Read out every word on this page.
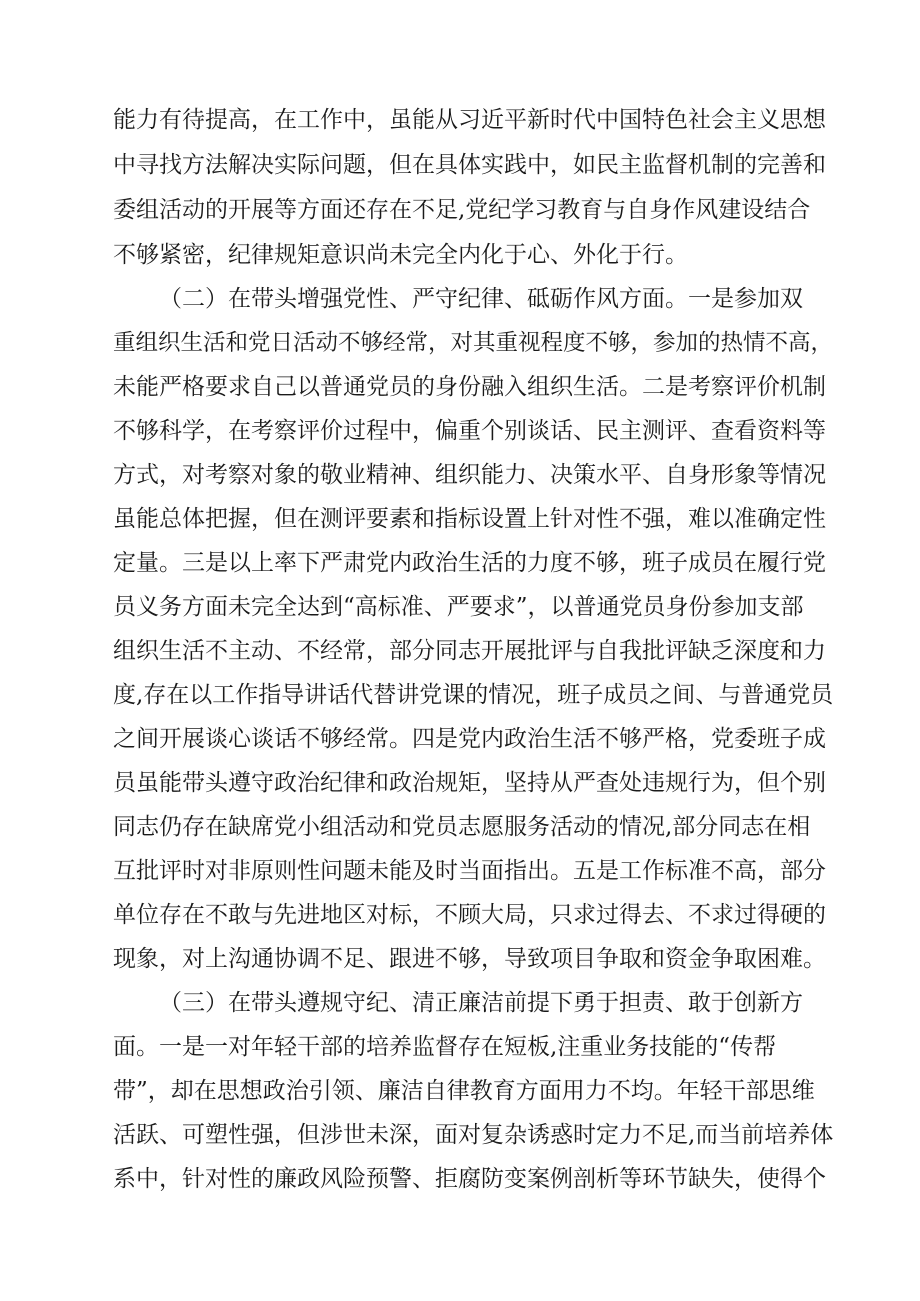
能力有待提高，在工作中，虽能从习近平新时代中国特色社会主义思想
中寻找方法解决实际问题，但在具体实践中，如民主监督机制的完善和
委组活动的开展等方面还存在不足,党纪学习教育与自身作风建设结合
不够紧密，纪律规矩意识尚未完全内化于心、外化于行。
（二）在带头增强党性、严守纪律、砥砺作风方面。一是参加双
重组织生活和党日活动不够经常，对其重视程度不够，参加的热情不高，
未能严格要求自己以普通党员的身份融入组织生活。二是考察评价机制
不够科学，在考察评价过程中，偏重个别谈话、民主测评、查看资料等
方式，对考察对象的敬业精神、组织能力、决策水平、自身形象等情况
虽能总体把握，但在测评要素和指标设置上针对性不强，难以准确定性
定量。三是以上率下严肃党内政治生活的力度不够，班子成员在履行党
员义务方面未完全达到“高标准、严要求”，以普通党员身份参加支部
组织生活不主动、不经常，部分同志开展批评与自我批评缺乏深度和力
度,存在以工作指导讲话代替讲党课的情况，班子成员之间、与普通党员
之间开展谈心谈话不够经常。四是党内政治生活不够严格，党委班子成
员虽能带头遵守政治纪律和政治规矩，坚持从严查处违规行为，但个别
同志仍存在缺席党小组活动和党员志愿服务活动的情况,部分同志在相
互批评时对非原则性问题未能及时当面指出。五是工作标准不高，部分
单位存在不敢与先进地区对标，不顾大局，只求过得去、不求过得硬的
现象，对上沟通协调不足、跟进不够，导致项目争取和资金争取困难。
（三）在带头遵规守纪、清正廉洁前提下勇于担责、敢于创新方
面。一是一对年轻干部的培养监督存在短板,注重业务技能的“传帮
带”，却在思想政治引领、廉洁自律教育方面用力不均。年轻干部思维
活跃、可塑性强，但涉世未深，面对复杂诱惑时定力不足,而当前培养体
系中，针对性的廉政风险预警、拒腐防变案例剖析等环节缺失，使得个
